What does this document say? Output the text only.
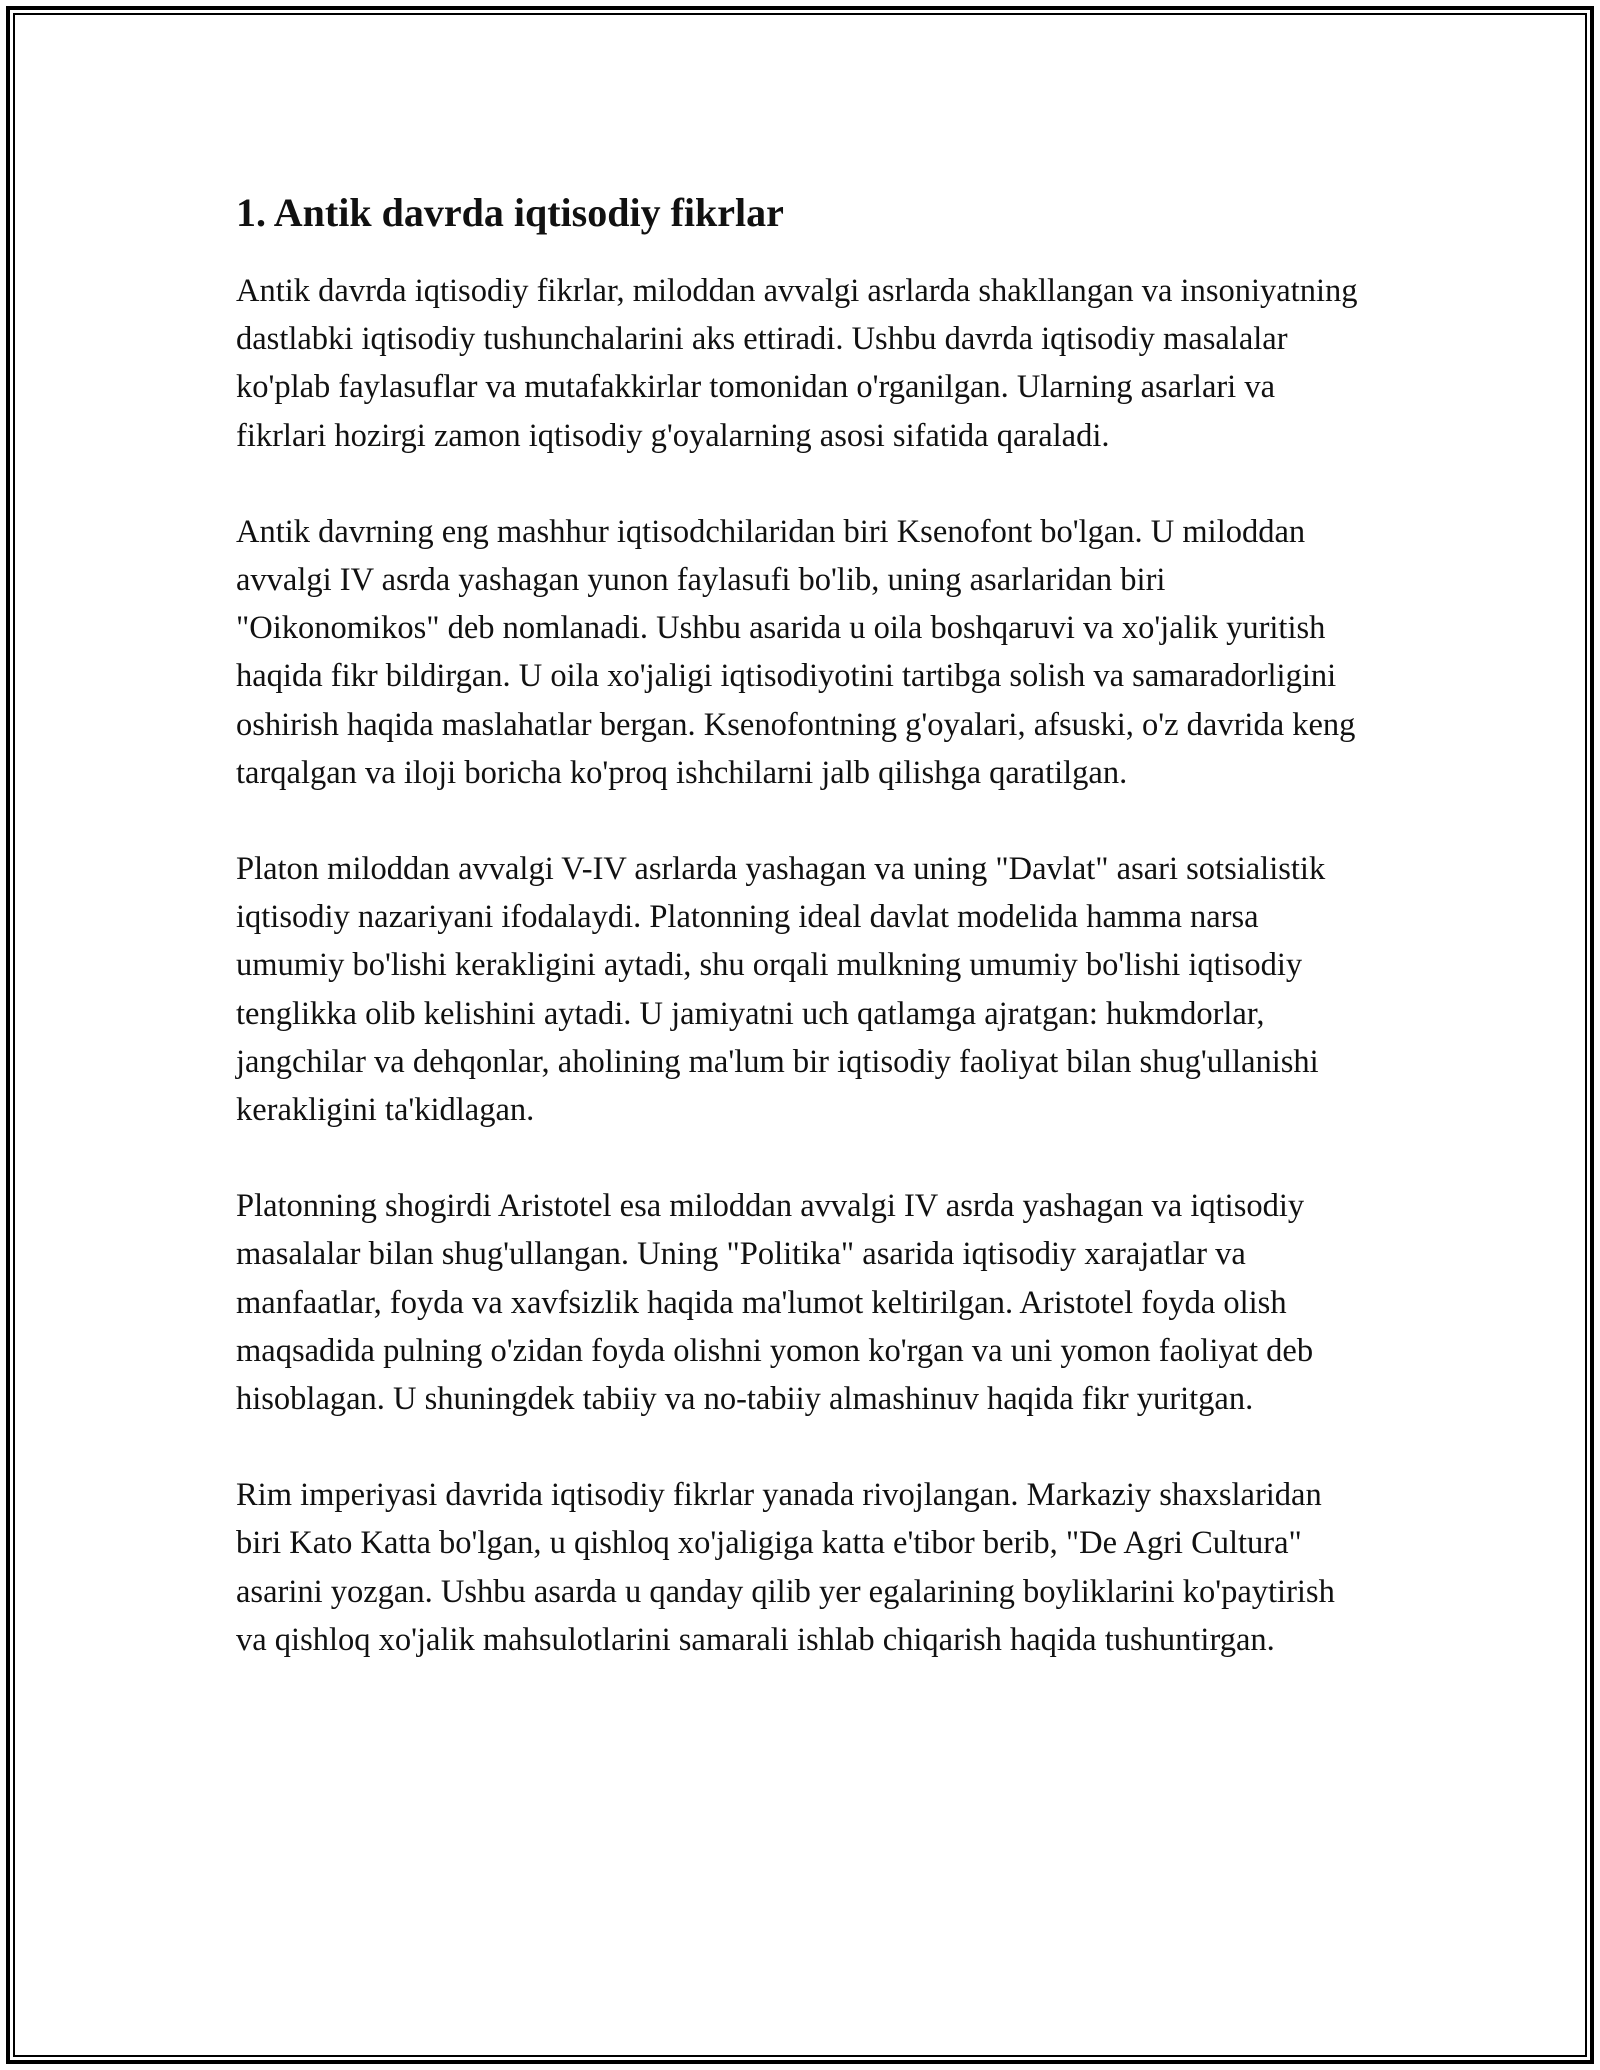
1. Antik davrda iqtisodiy fikrlar

Antik davrda iqtisodiy fikrlar, miloddan avvalgi asrlarda shakllangan va insoniyatning dastlabki iqtisodiy tushunchalarini aks ettiradi. Ushbu davrda iqtisodiy masalalar ko'plab faylasuflar va mutafakkirlar tomonidan o'rganilgan. Ularning asarlari va fikrlari hozirgi zamon iqtisodiy g'oyalarning asosi sifatida qaraladi.

Antik davrning eng mashhur iqtisodchilaridan biri Ksenofont bo'lgan. U miloddan avvalgi IV asrda yashagan yunon faylasufi bo'lib, uning asarlaridan biri "Oikonomikos" deb nomlanadi. Ushbu asarida u oila boshqaruvi va xo'jalik yuritish haqida fikr bildirgan. U oila xo'jaligi iqtisodiyotini tartibga solish va samaradorligini oshirish haqida maslahatlar bergan. Ksenofontning g'oyalari, afsuski, o'z davrida keng tarqalgan va iloji boricha ko'proq ishchilarni jalb qilishga qaratilgan.

Platon miloddan avvalgi V-IV asrlarda yashagan va uning "Davlat" asari sotsialistik iqtisodiy nazariyani ifodalaydi. Platonning ideal davlat modelida hamma narsa umumiy bo'lishi kerakligini aytadi, shu orqali mulkning umumiy bo'lishi iqtisodiy tenglikka olib kelishini aytadi. U jamiyatni uch qatlamga ajratgan: hukmdorlar, jangchilar va dehqonlar, aholining ma'lum bir iqtisodiy faoliyat bilan shug'ullanishi kerakligini ta'kidlagan.

Platonning shogirdi Aristotel esa miloddan avvalgi IV asrda yashagan va iqtisodiy masalalar bilan shug'ullangan. Uning "Politika" asarida iqtisodiy xarajatlar va manfaatlar, foyda va xavfsizlik haqida ma'lumot keltirilgan. Aristotel foyda olish maqsadida pulning o'zidan foyda olishni yomon ko'rgan va uni yomon faoliyat deb hisoblagan. U shuningdek tabiiy va no-tabiiy almashinuv haqida fikr yuritgan.

Rim imperiyasi davrida iqtisodiy fikrlar yanada rivojlangan. Markaziy shaxslaridan biri Kato Katta bo'lgan, u qishloq xo'jaligiga katta e'tibor berib, "De Agri Cultura" asarini yozgan. Ushbu asarda u qanday qilib yer egalarining boyliklarini ko'paytirish va qishloq xo'jalik mahsulotlarini samarali ishlab chiqarish haqida tushuntirgan.
